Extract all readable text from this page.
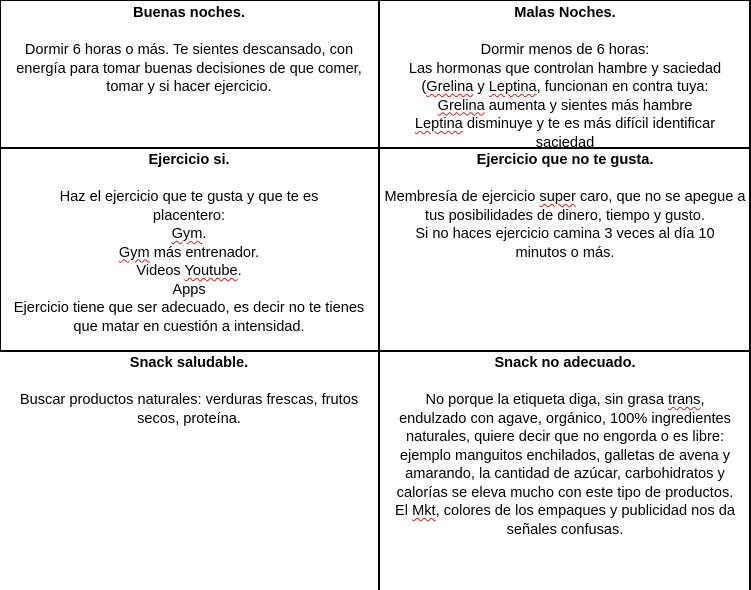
Buenas noches.

Dormir 6 horas o más. Te sientes descansado, con energía para tomar buenas decisiones de que comer, tomar y si hacer ejercicio.

Malas Noches.

Dormir menos de 6 horas:

Las hormonas que controlan hambre y saciedad (Grelina y Leptina, funcionan en contra tuya:

Grelina aumenta y sientes más hambre

Leptina disminuye y te es más difícil identificar saciedad

Ejercicio si.

Haz el ejercicio que te gusta y que te es placentero:

Gym.

Gym más entrenador.

Videos Youtube.

Apps

Ejercicio tiene que ser adecuado, es decir no te tienes que matar en cuestión a intensidad.

Ejercicio que no te gusta.

Membresía de ejercicio super caro, que no se apegue a tus posibilidades de dinero, tiempo y gusto.

Si no haces ejercicio camina 3 veces al día 10 minutos o más.

Snack saludable.

Buscar productos naturales: verduras frescas, frutos secos, proteína.

Snack no adecuado.

No porque la etiqueta diga, sin grasa trans, endulzado con agave, orgánico, 100% ingredientes naturales, quiere decir que no engorda o es libre: ejemplo manguitos enchilados, galletas de avena y amarando, la cantidad de azúcar, carbohidratos y calorías se eleva mucho con este tipo de productos.

El Mkt, colores de los empaques y publicidad nos da señales confusas.
